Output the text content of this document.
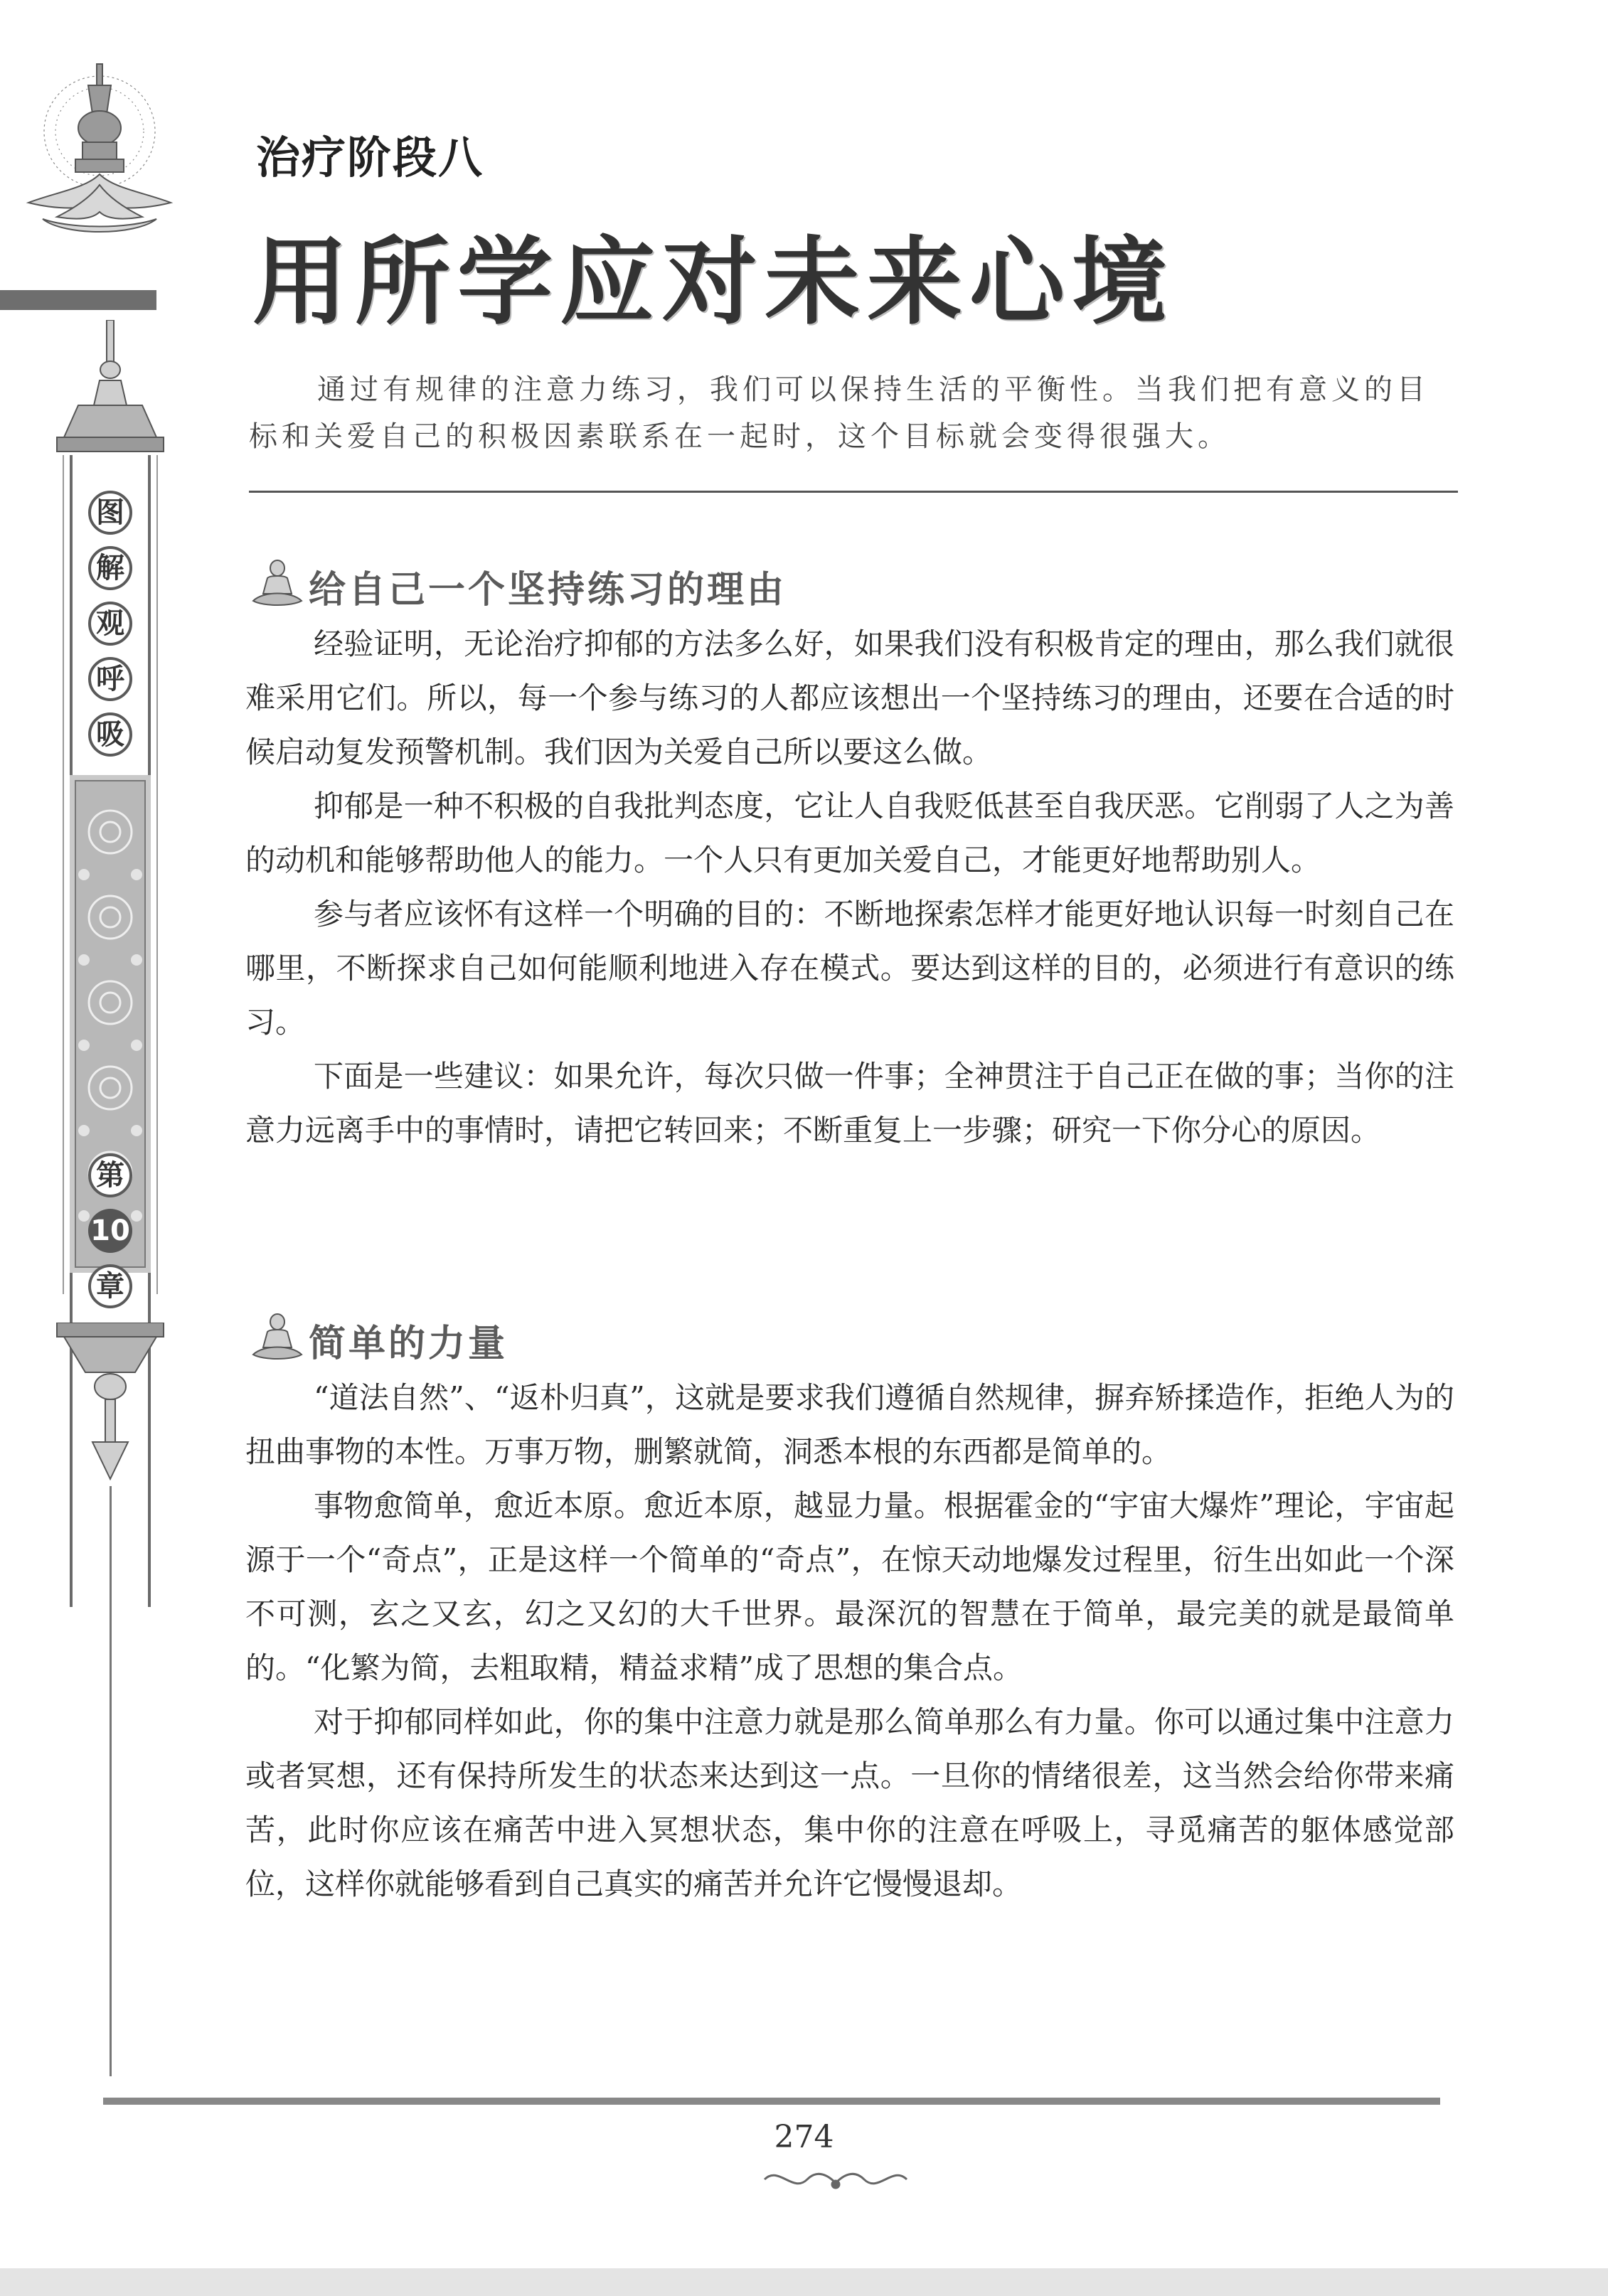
图
解
观
呼
吸
第
10
章
治疗阶段八
用所学应对未来心境
通过有规律的注意力练习，我们可以保持生活的平衡性。当我们把有意义的目标和关爱自己的积极因素联系在一起时，这个目标就会变得很强大。
给自己一个坚持练习的理由

经验证明，无论治疗抑郁的方法多么好，如果我们没有积极肯定的理由，那么我们就很难采用它们。所以，每一个参与练习的人都应该想出一个坚持练习的理由，还要在合适的时候启动复发预警机制。我们因为关爱自己所以要这么做。

抑郁是一种不积极的自我批判态度，它让人自我贬低甚至自我厌恶。它削弱了人之为善的动机和能够帮助他人的能力。一个人只有更加关爱自己，才能更好地帮助别人。

参与者应该怀有这样一个明确的目的：不断地探索怎样才能更好地认识每一时刻自己在哪里，不断探求自己如何能顺利地进入存在模式。要达到这样的目的，必须进行有意识的练习。

下面是一些建议：如果允许，每次只做一件事；全神贯注于自己正在做的事；当你的注意力远离手中的事情时，请把它转回来；不断重复上一步骤；研究一下你分心的原因。

简单的力量

“道法自然”、“返朴归真”，这就是要求我们遵循自然规律，摒弃矫揉造作，拒绝人为的扭曲事物的本性。万事万物，删繁就简，洞悉本根的东西都是简单的。

事物愈简单，愈近本原。愈近本原，越显力量。根据霍金的“宇宙大爆炸”理论，宇宙起源于一个“奇点”，正是这样一个简单的“奇点”，在惊天动地爆发过程里，衍生出如此一个深不可测，玄之又玄，幻之又幻的大千世界。最深沉的智慧在于简单，最完美的就是最简单的。“化繁为简，去粗取精，精益求精”成了思想的集合点。

对于抑郁同样如此，你的集中注意力就是那么简单那么有力量。你可以通过集中注意力或者冥想，还有保持所发生的状态来达到这一点。一旦你的情绪很差，这当然会给你带来痛苦，此时你应该在痛苦中进入冥想状态，集中你的注意在呼吸上，寻觅痛苦的躯体感觉部位，这样你就能够看到自己真实的痛苦并允许它慢慢退却。

274
